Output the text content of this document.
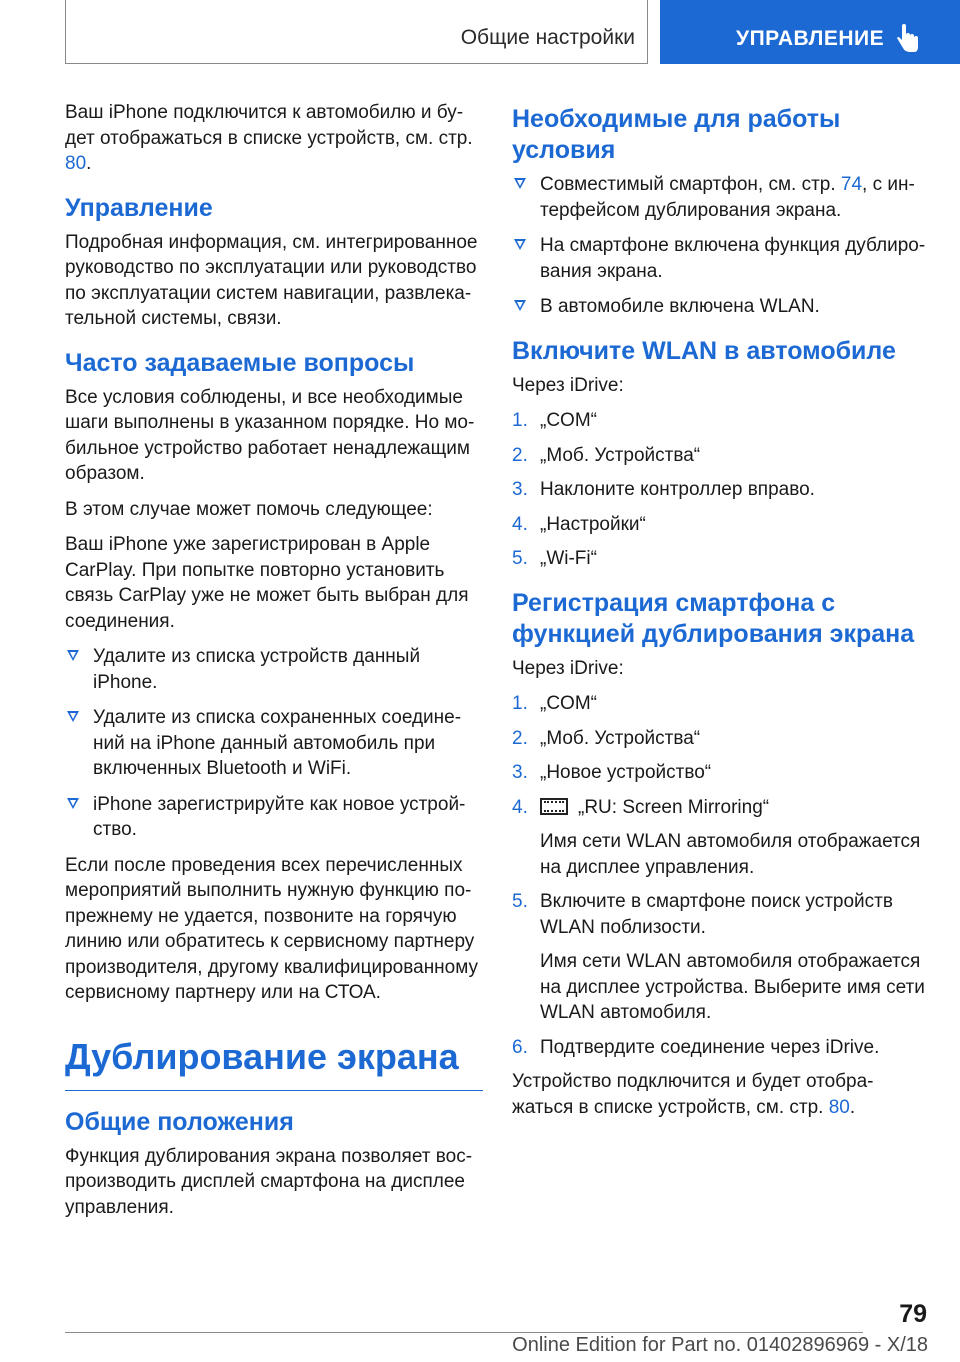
Общие настройки	УПРАВЛЕНИЕ

Ваш iPhone подключится к автомобилю и бу-дет отображаться в списке устройств, см. стр. 80.

Управление

Подробная информация, см. интегрированное руководство по эксплуатации или руководство по эксплуатации систем навигации, развлека-тельной системы, связи.

Часто задаваемые вопросы

Все условия соблюдены, и все необходимые шаги выполнены в указанном порядке. Но мо-бильное устройство работает ненадлежащим образом.

В этом случае может помочь следующее:

Ваш iPhone уже зарегистрирован в Apple CarPlay. При попытке повторно установить связь CarPlay уже не может быть выбран для соединения.

Удалите из списка устройств данный iPhone.
Удалите из списка сохраненных соедине-ний на iPhone данный автомобиль при включенных Bluetooth и WiFi.
iPhone зарегистрируйте как новое устрой-ство.

Если после проведения всех перечисленных мероприятий выполнить нужную функцию по-прежнему не удается, позвоните на горячую линию или обратитесь к сервисному партнеру производителя, другому квалифицированному сервисному партнеру или на СТОА.

Дублирование экрана
Общие положения

Функция дублирования экрана позволяет вос-производить дисплей смартфона на дисплее управления.

Необходимые для работы условия
Совместимый смартфон, см. стр. 74, с ин-терфейсом дублирования экрана.
На смартфоне включена функция дублиро-вания экрана.
В автомобиле включена WLAN.
Включите WLAN в автомобиле

Через iDrive:

1. „COM“
2. „Моб. Устройства“
3. Наклоните контроллер вправо.
4. „Настройки“
5. „Wi-Fi“
Регистрация смартфона с функцией дублирования экрана

Через iDrive:

1. „COM“
2. „Моб. Устройства“
3. „Новое устройство“
4.	„RU: Screen Mirroring“

Имя сети WLAN автомобиля отображается на дисплее управления.

5. Включите в смартфоне поиск устройств WLAN поблизости.

Имя сети WLAN автомобиля отображается на дисплее устройства. Выберите имя сети WLAN автомобиля.

6. Подтвердите соединение через iDrive.

Устройство подключится и будет отобра-жаться в списке устройств, см. стр. 80.

79
Online Edition for Part no. 01402896969 - X/18
